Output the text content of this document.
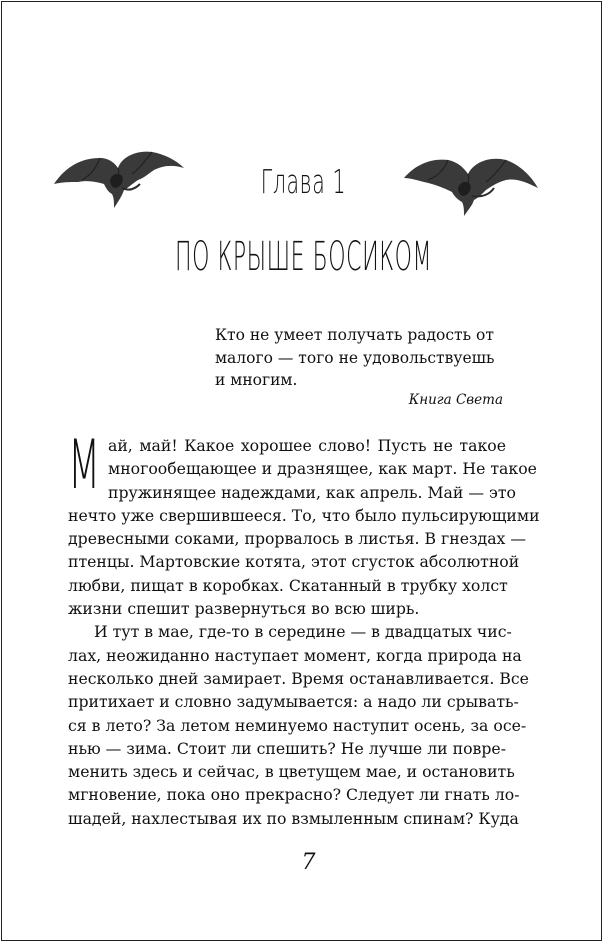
Глава 1
ПО КРЫШЕ БОСИКОМ
Кто не умеет получать радость от
малого — того не удовольствуешь
и многим.
Книга Света
М ай, май! Какое хорошее слово! Пусть не такое
многообещающее и дразнящее, как март. Не такое
пружинящее надеждами, как апрель. Май — это
нечто уже свершившееся. То, что было пульсирующими
древесными соками, прорвалось в листья. В гнездах —
птенцы. Мартовские котята, этот сгусток абсолютной
любви, пищат в коробках. Скатанный в трубку холст
жизни спешит развернуться во всю ширь.
И тут в мае, где-то в середине — в двадцатых чис-
лах, неожиданно наступает момент, когда природа на
несколько дней замирает. Время останавливается. Все
притихает и словно задумывается: а надо ли срывать-
ся в лето? За летом неминуемо наступит осень, за осе-
нью — зима. Стоит ли спешить? Не лучше ли повре-
менить здесь и сейчас, в цветущем мае, и остановить
мгновение, пока оно прекрасно? Следует ли гнать ло-
шадей, нахлестывая их по взмыленным спинам? Куда
7
